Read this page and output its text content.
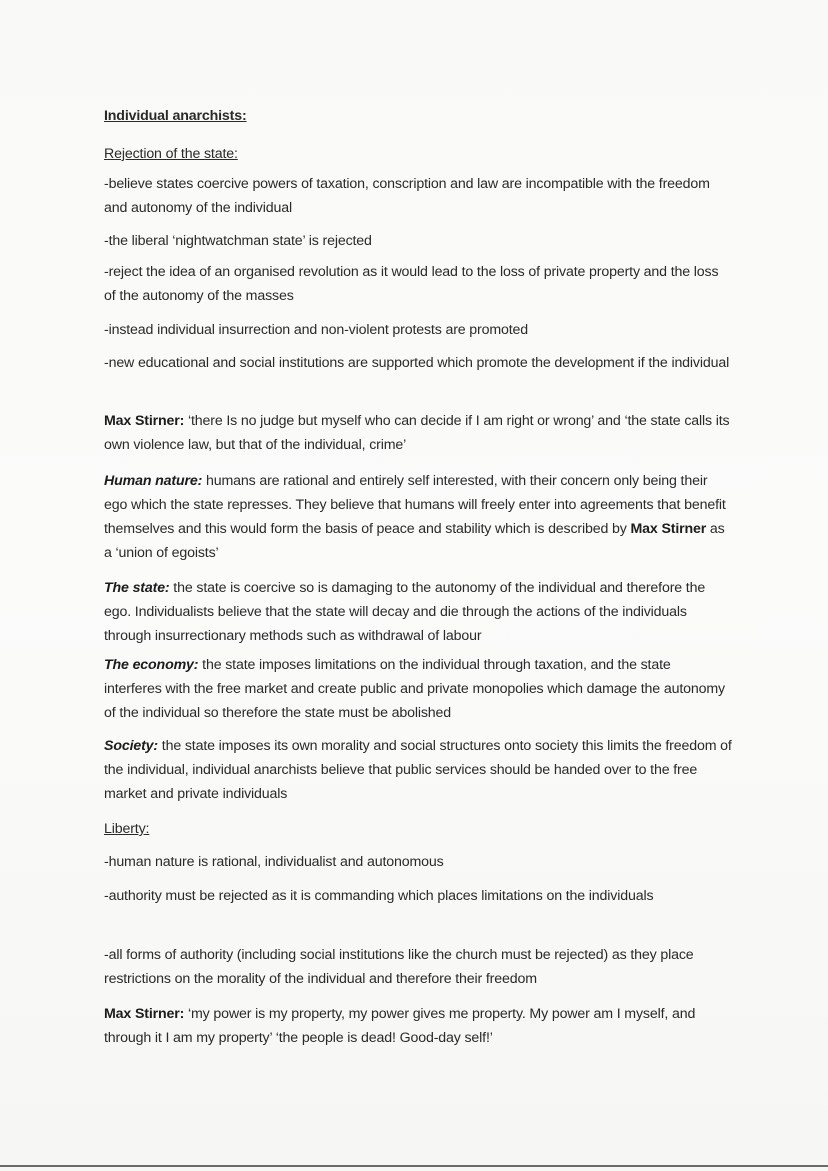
Individual anarchists:
Rejection of the state:
-believe states coercive powers of taxation, conscription and law are incompatible with the freedom and autonomy of the individual
-the liberal ‘nightwatchman state’ is rejected
-reject the idea of an organised revolution as it would lead to the loss of private property and the loss of the autonomy of the masses
-instead individual insurrection and non-violent protests are promoted
-new educational and social institutions are supported which promote the development if the individual
Max Stirner: ‘there Is no judge but myself who can decide if I am right or wrong’ and ‘the state calls its own violence law, but that of the individual, crime’
Human nature: humans are rational and entirely self interested, with their concern only being their ego which the state represses. They believe that humans will freely enter into agreements that benefit themselves and this would form the basis of peace and stability which is described by Max Stirner as a ‘union of egoists’
The state: the state is coercive so is damaging to the autonomy of the individual and therefore the ego. Individualists believe that the state will decay and die through the actions of the individuals through insurrectionary methods such as withdrawal of labour
The economy: the state imposes limitations on the individual through taxation, and the state interferes with the free market and create public and private monopolies which damage the autonomy of the individual so therefore the state must be abolished
Society: the state imposes its own morality and social structures onto society this limits the freedom of the individual, individual anarchists believe that public services should be handed over to the free market and private individuals
Liberty:
-human nature is rational, individualist and autonomous
-authority must be rejected as it is commanding which places limitations on the individuals
-all forms of authority (including social institutions like the church must be rejected) as they place restrictions on the morality of the individual and therefore their freedom
Max Stirner: ‘my power is my property, my power gives me property. My power am I myself, and through it I am my property’ ‘the people is dead! Good-day self!’
